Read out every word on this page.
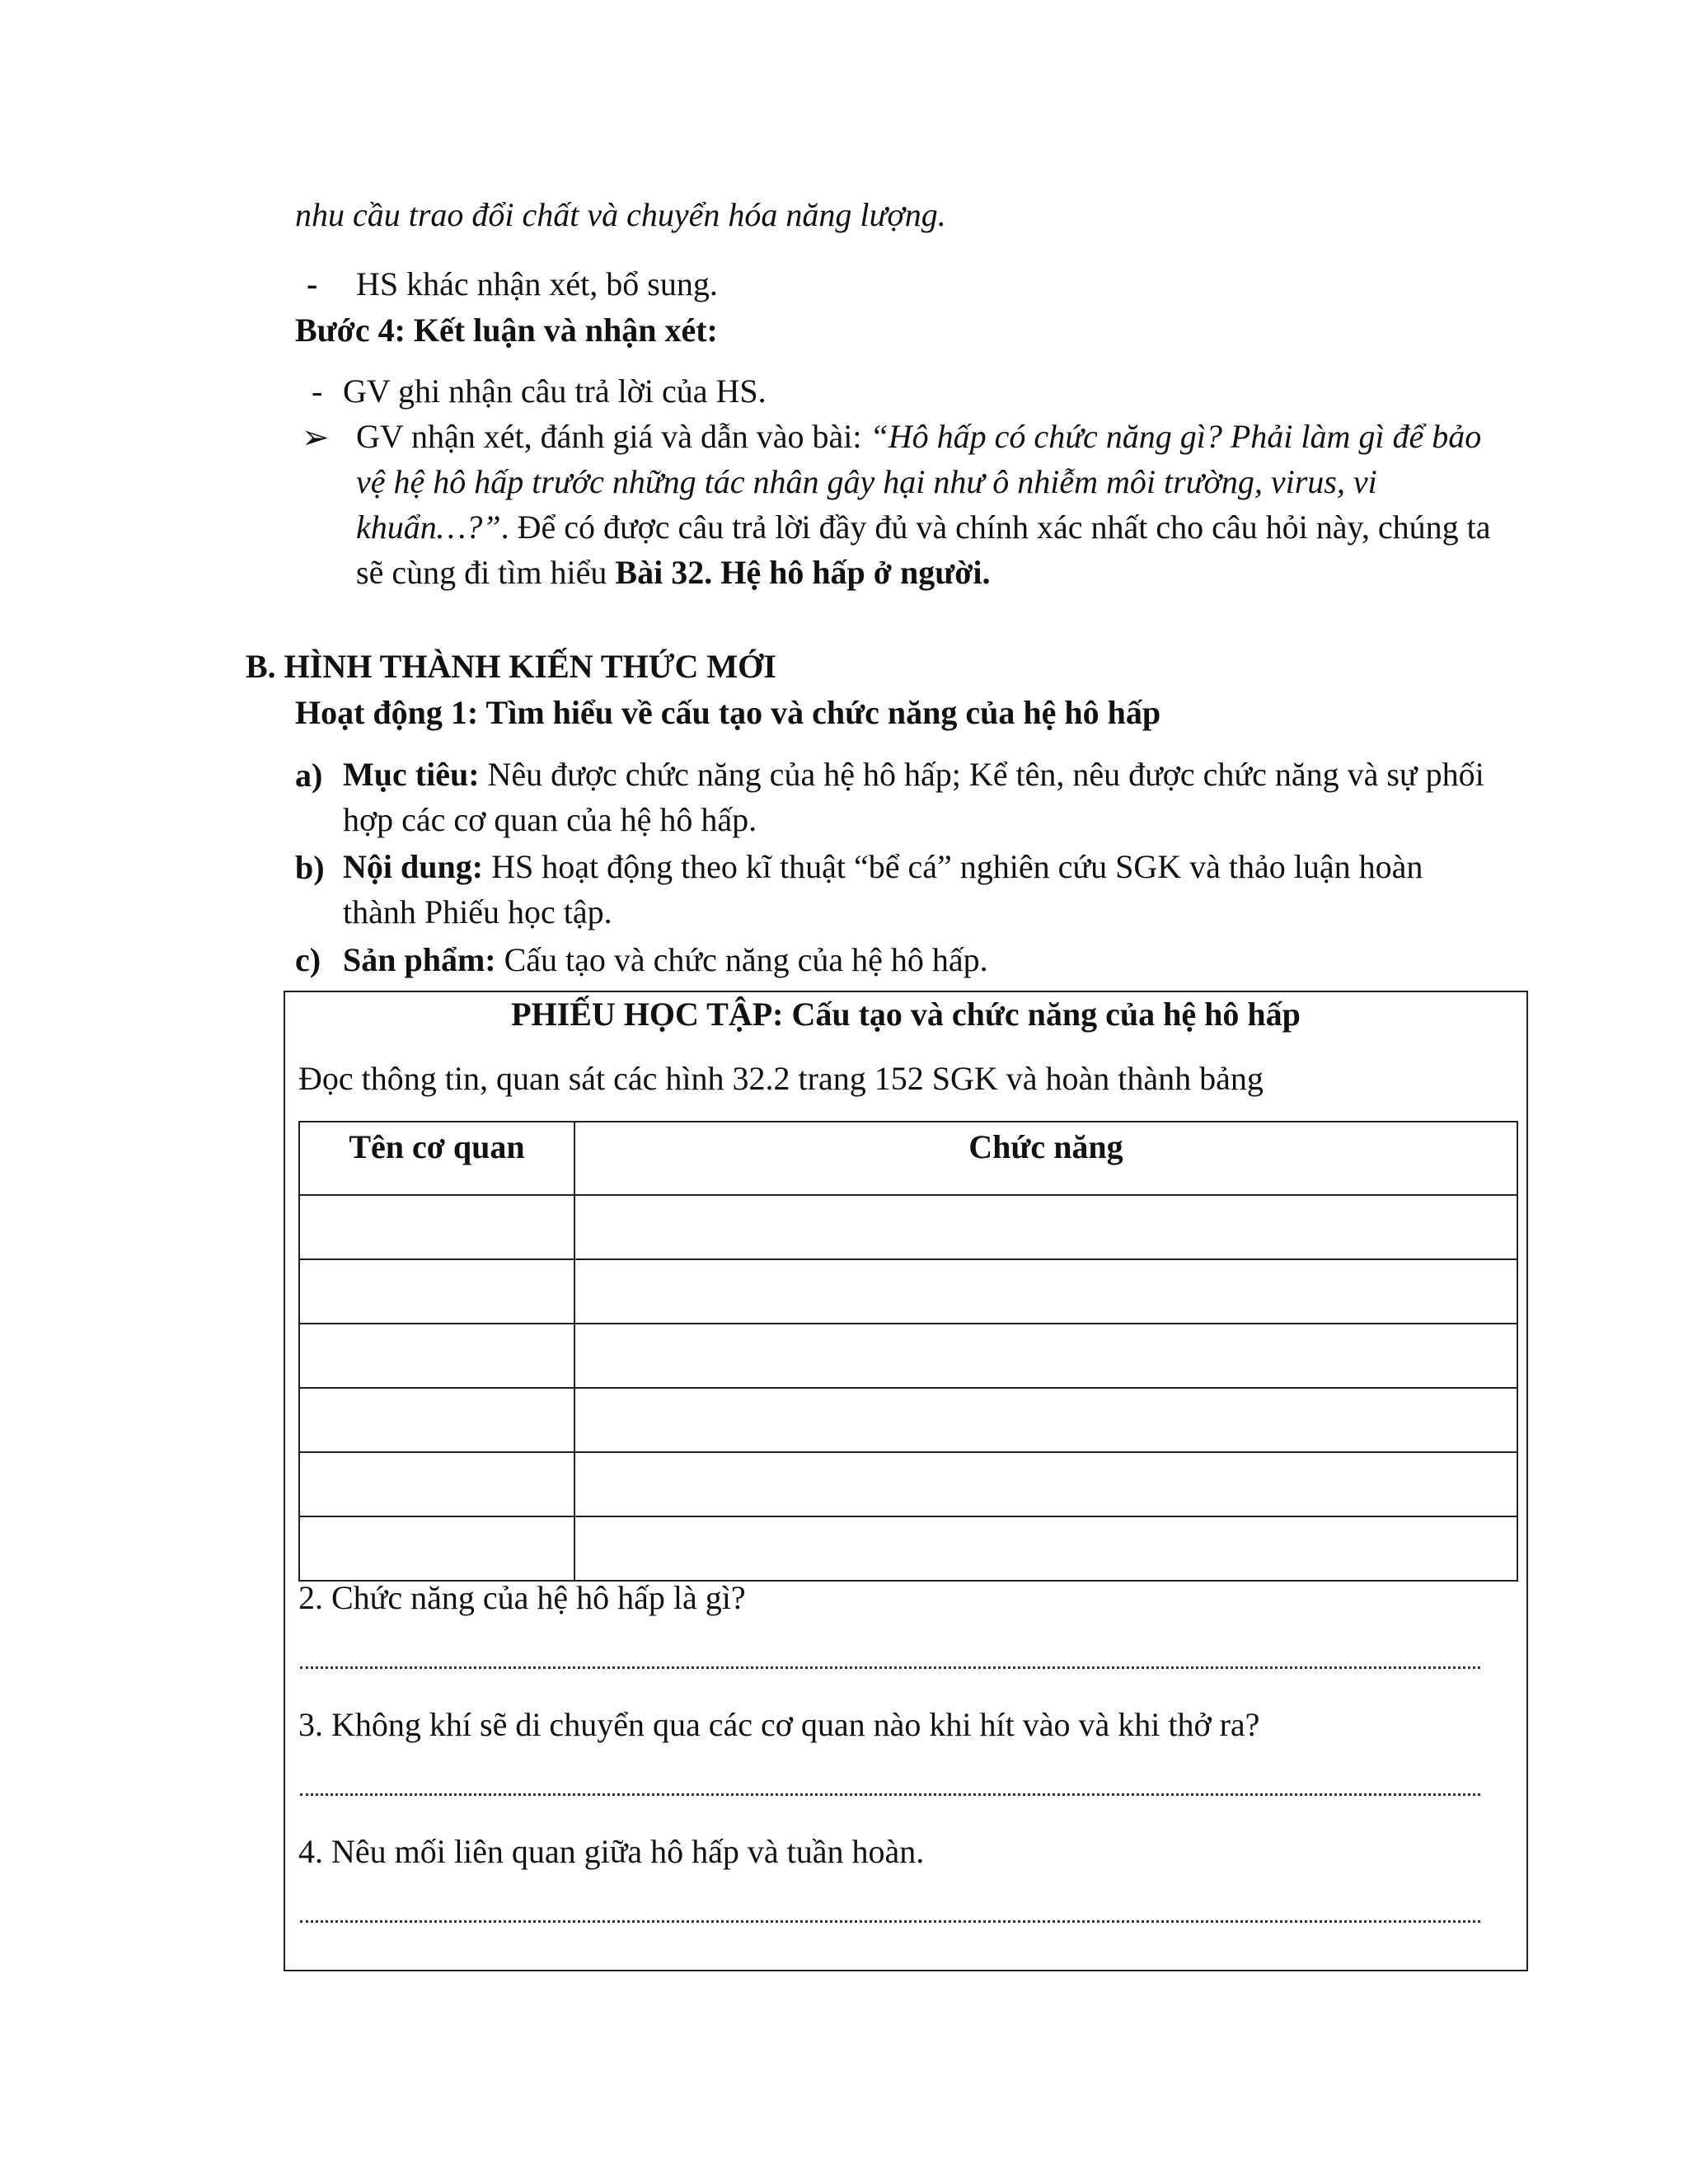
nhu cầu trao đổi chất và chuyển hóa năng lượng.
- HS khác nhận xét, bổ sung.
Bước 4: Kết luận và nhận xét:
- GV ghi nhận câu trả lời của HS.
➢ GV nhận xét, đánh giá và dẫn vào bài: “Hô hấp có chức năng gì? Phải làm gì để bảo vệ hệ hô hấp trước những tác nhân gây hại như ô nhiễm môi trường, virus, vi khuẩn…?”. Để có được câu trả lời đầy đủ và chính xác nhất cho câu hỏi này, chúng ta sẽ cùng đi tìm hiểu Bài 32. Hệ hô hấp ở người.
B. HÌNH THÀNH KIẾN THỨC MỚI
Hoạt động 1: Tìm hiểu về cấu tạo và chức năng của hệ hô hấp
a) Mục tiêu: Nêu được chức năng của hệ hô hấp; Kể tên, nêu được chức năng và sự phối hợp các cơ quan của hệ hô hấp.
b) Nội dung: HS hoạt động theo kĩ thuật “bể cá” nghiên cứu SGK và thảo luận hoàn thành Phiếu học tập.
c) Sản phẩm: Cấu tạo và chức năng của hệ hô hấp.
PHIẾU HỌC TẬP: Cấu tạo và chức năng của hệ hô hấp
Đọc thông tin, quan sát các hình 32.2 trang 152 SGK và hoàn thành bảng
Tên cơ quan	Chức năng

2. Chức năng của hệ hô hấp là gì?
3. Không khí sẽ di chuyển qua các cơ quan nào khi hít vào và khi thở ra?
4. Nêu mối liên quan giữa hô hấp và tuần hoàn.
